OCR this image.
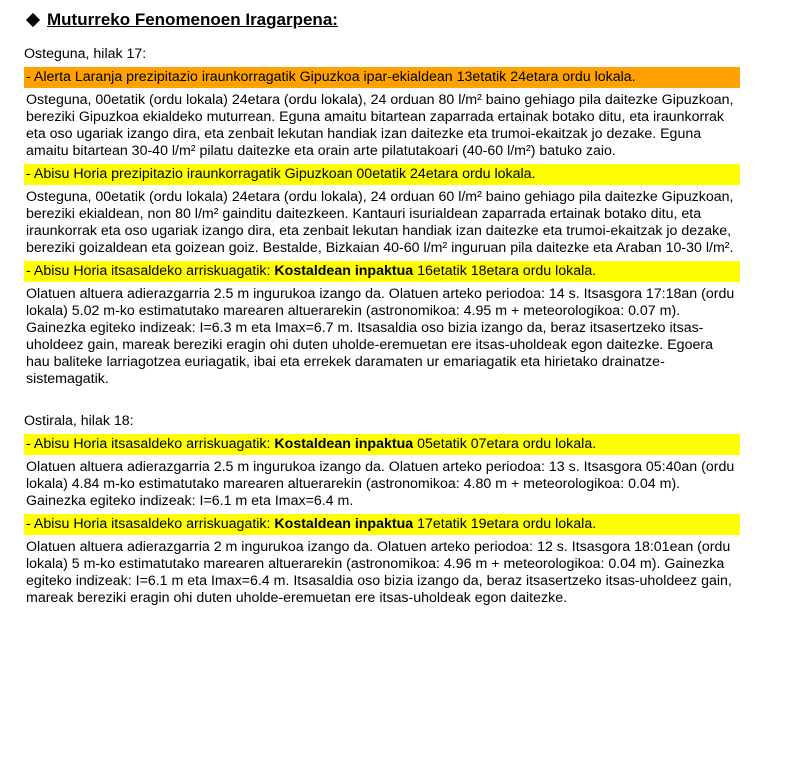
Muturreko Fenomenoen Iragarpena:
Osteguna, hilak 17:
- Alerta Laranja prezipitazio iraunkorragatik Gipuzkoa ipar-ekialdean 13etatik 24etara ordu lokala.
Osteguna, 00etatik (ordu lokala) 24etara (ordu lokala), 24 orduan 80 l/m² baino gehiago pila daitezke Gipuzkoan, bereziki Gipuzkoa ekialdeko muturrean. Eguna amaitu bitartean zaparrada ertainak botako ditu, eta iraunkorrak eta oso ugariak izango dira, eta zenbait lekutan handiak izan daitezke eta trumoi-ekaitzak jo dezake. Eguna amaitu bitartean 30-40 l/m² pilatu daitezke eta orain arte pilatutakoari (40-60 l/m²) batuko zaio.
- Abisu Horia prezipitazio iraunkorragatik Gipuzkoan 00etatik 24etara ordu lokala.
Osteguna, 00etatik (ordu lokala) 24etara (ordu lokala), 24 orduan 60 l/m² baino gehiago pila daitezke Gipuzkoan, bereziki ekialdean, non 80 l/m² gainditu daitezkeen. Kantauri isurialdean zaparrada ertainak botako ditu, eta iraunkorrak eta oso ugariak izango dira, eta zenbait lekutan handiak izan daitezke eta trumoi-ekaitzak jo dezake, bereziki goizaldean eta goizean goiz. Bestalde, Bizkaian 40-60 l/m² inguruan pila daitezke eta Araban 10-30 l/m².
- Abisu Horia itsasaldeko arriskuagatik: Kostaldean inpaktua 16etatik 18etara ordu lokala.
Olatuen altuera adierazgarria 2.5 m ingurukoa izango da. Olatuen arteko periodoa: 14 s. Itsasgora 17:18an (ordu lokala) 5.02 m-ko estimatutako marearen altuerarekin (astronomikoa: 4.95 m + meteorologikoa: 0.07 m). Gainezka egiteko indizeak: I=6.3 m eta Imax=6.7 m. Itsasaldia oso bizia izango da, beraz itsasertzeko itsas-uholdeez gain, mareak bereziki eragin ohi duten uholde-eremuetan ere itsas-uholdeak egon daitezke. Egoera hau baliteke larriagotzea euriagatik, ibai eta errekek daramaten ur emariagatik eta hirietako drainatze-sistemagatik.
Ostirala, hilak 18:
- Abisu Horia itsasaldeko arriskuagatik: Kostaldean inpaktua 05etatik 07etara ordu lokala.
Olatuen altuera adierazgarria 2.5 m ingurukoa izango da. Olatuen arteko periodoa: 13 s. Itsasgora 05:40an (ordu lokala) 4.84 m-ko estimatutako marearen altuerarekin (astronomikoa: 4.80 m + meteorologikoa: 0.04 m). Gainezka egiteko indizeak: I=6.1 m eta Imax=6.4 m.
- Abisu Horia itsasaldeko arriskuagatik: Kostaldean inpaktua 17etatik 19etara ordu lokala.
Olatuen altuera adierazgarria 2 m ingurukoa izango da. Olatuen arteko periodoa: 12 s. Itsasgora 18:01ean (ordu lokala) 5 m-ko estimatutako marearen altuerarekin (astronomikoa: 4.96 m + meteorologikoa: 0.04 m). Gainezka egiteko indizeak: I=6.1 m eta Imax=6.4 m. Itsasaldia oso bizia izango da, beraz itsasertzeko itsas-uholdeez gain, mareak bereziki eragin ohi duten uholde-eremuetan ere itsas-uholdeak egon daitezke.
